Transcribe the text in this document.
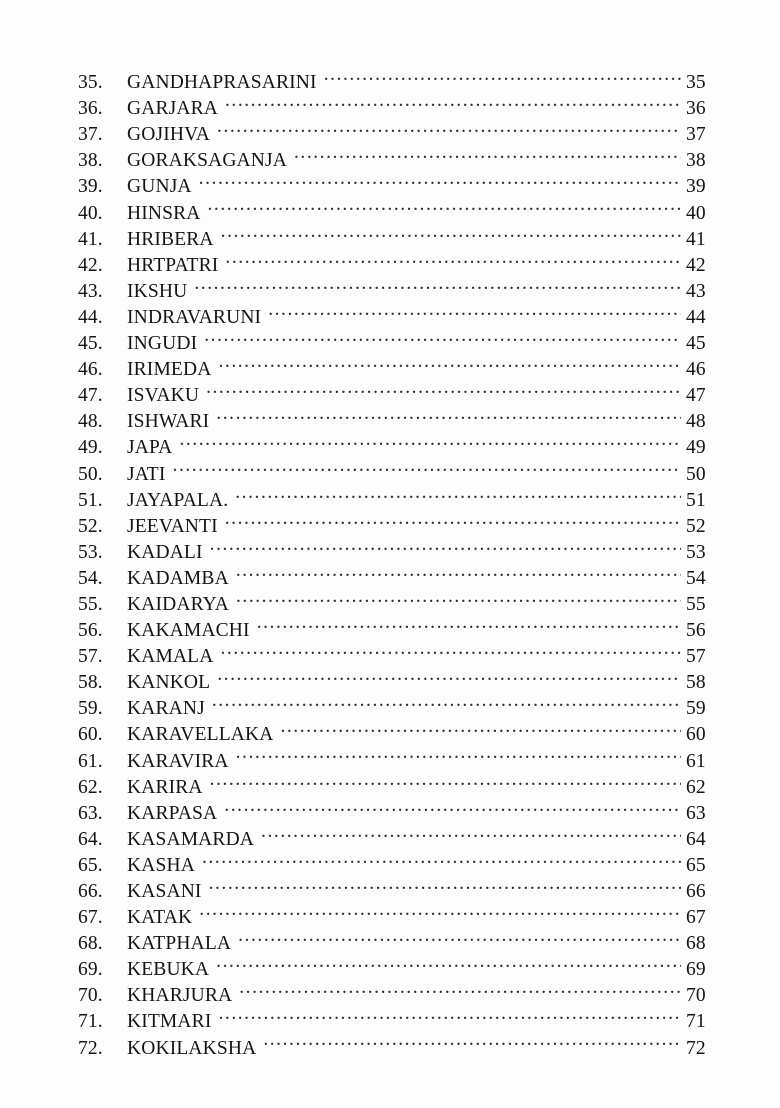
35.	GANDHAPRASARINI .....	35
36.	GARJARA .....	36
37.	GOJIHVA .....	37
38.	GORAKSAGANJA .....	38
39.	GUNJA .....	39
40.	HINSRA .....	40
41.	HRIBERA .....	41
42.	HRTPATRI .....	42
43.	IKSHU .....	43
44.	INDRAVARUNI .....	44
45.	INGUDI .....	45
46.	IRIMEDA .....	46
47.	ISVAKU .....	47
48.	ISHWARI .....	48
49.	JAPA .....	49
50.	JATI .....	50
51.	JAYAPALA. .....	51
52.	JEEVANTI .....	52
53.	KADALI .....	53
54.	KADAMBA .....	54
55.	KAIDARYA .....	55
56.	KAKAMACHI .....	56
57.	KAMALA .....	57
58.	KANKOL .....	58
59.	KARANJ .....	59
60.	KARAVELLAKA .....	60
61.	KARAVIRA .....	61
62.	KARIRA .....	62
63.	KARPASA .....	63
64.	KASAMARDA .....	64
65.	KASHA .....	65
66.	KASANI .....	66
67.	KATAK .....	67
68.	KATPHALA .....	68
69.	KEBUKA .....	69
70.	KHARJURA .....	70
71.	KITMARI .....	71
72.	KOKILAKSHA .....	72
